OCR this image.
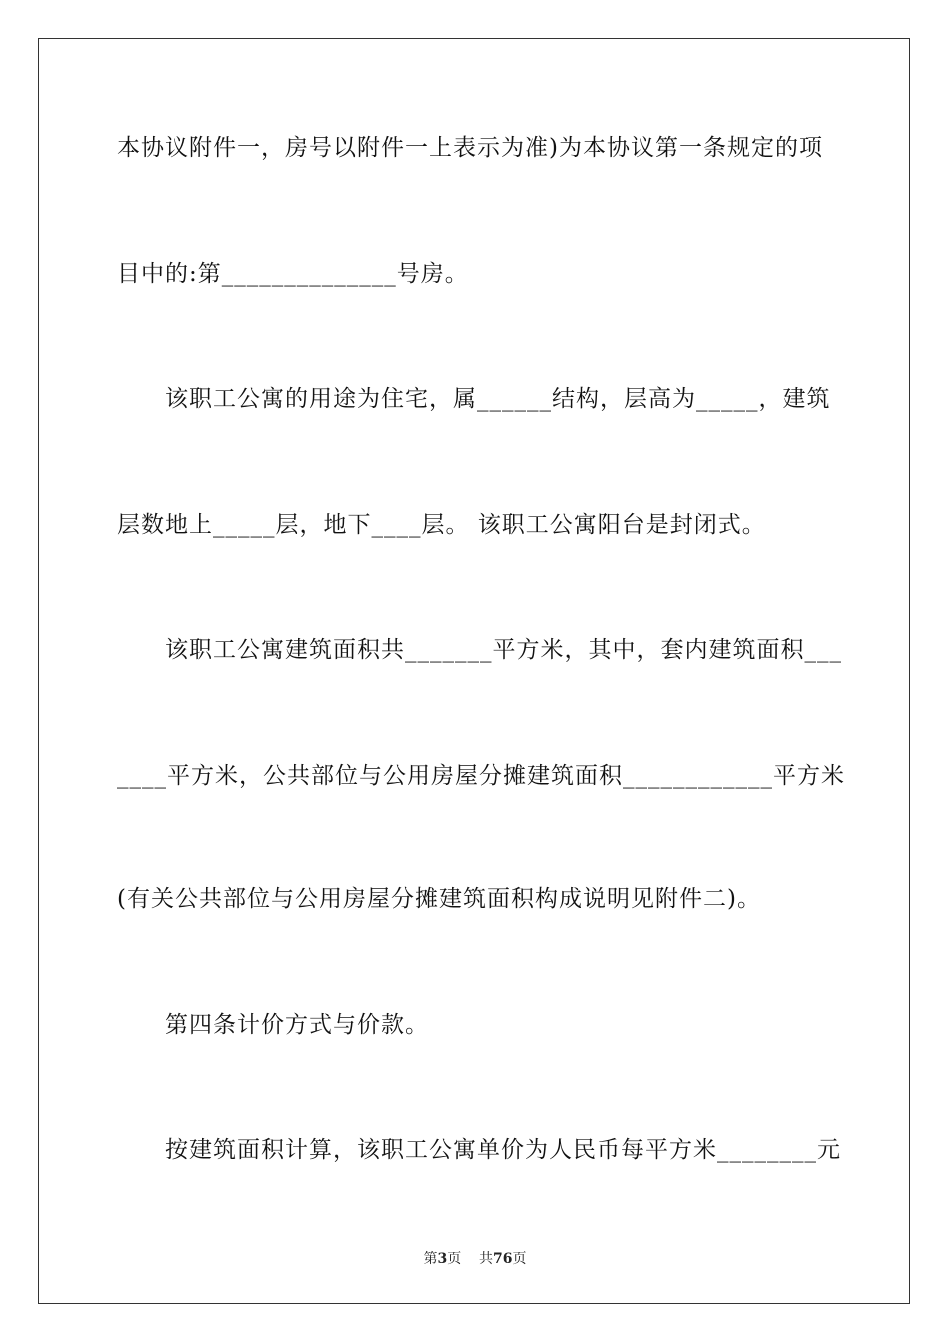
本协议附件一，房号以附件一上表示为准)为本协议第一条规定的项
目中的:第______________号房。
该职工公寓的用途为住宅，属______结构，层高为_____，建筑
层数地上_____层，地下____层。 该职工公寓阳台是封闭式。
该职工公寓建筑面积共_______平方米，其中，套内建筑面积___
____平方米，公共部位与公用房屋分摊建筑面积____________平方米
(有关公共部位与公用房屋分摊建筑面积构成说明见附件二)。
第四条计价方式与价款。
按建筑面积计算，该职工公寓单价为人民币每平方米________元
第3页 共76页
